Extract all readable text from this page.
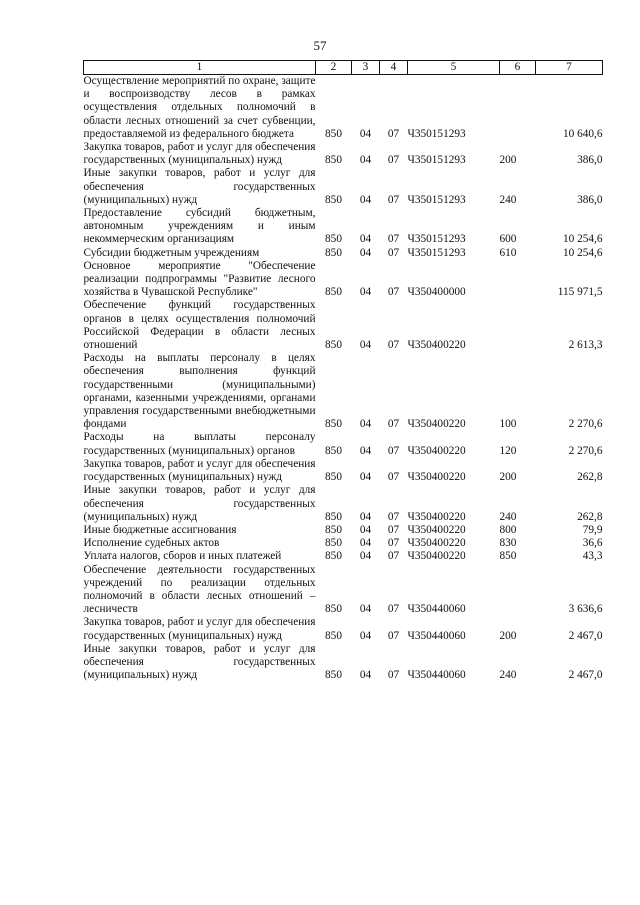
57
1	2	3	4	5	6	7
Осуществление мероприятий по охране, защите и воспроизводству лесов в рамках осуществления отдельных полномочий в области лесных отношений за счет субвенции, предоставляемой из федерального бюджета	850	04	07	Ч350151293		10 640,6
Закупка товаров, работ и услуг для обеспечения государственных (муниципальных) нужд	850	04	07	Ч350151293	200	386,0
Иные закупки товаров, работ и услуг для обеспечения государственных (муниципальных) нужд	850	04	07	Ч350151293	240	386,0
Предоставление субсидий бюджетным, автономным учреждениям и иным некоммерческим организациям	850	04	07	Ч350151293	600	10 254,6
Субсидии бюджетным учреждениям	850	04	07	Ч350151293	610	10 254,6
Основное мероприятие "Обеспечение реализации подпрограммы "Развитие лесного хозяйства в Чувашской Республике"	850	04	07	Ч350400000		115 971,5
Обеспечение функций государственных органов в целях осуществления полномочий Российской Федерации в области лесных отношений	850	04	07	Ч350400220		2 613,3
Расходы на выплаты персоналу в целях обеспечения выполнения функций государственными (муниципальными) органами, казенными учреждениями, органами управления государственными внебюджетными фондами	850	04	07	Ч350400220	100	2 270,6
Расходы на выплаты персоналу государственных (муниципальных) органов	850	04	07	Ч350400220	120	2 270,6
Закупка товаров, работ и услуг для обеспечения государственных (муниципальных) нужд	850	04	07	Ч350400220	200	262,8
Иные закупки товаров, работ и услуг для обеспечения государственных (муниципальных) нужд	850	04	07	Ч350400220	240	262,8
Иные бюджетные ассигнования	850	04	07	Ч350400220	800	79,9
Исполнение судебных актов	850	04	07	Ч350400220	830	36,6
Уплата налогов, сборов и иных платежей	850	04	07	Ч350400220	850	43,3
Обеспечение деятельности государственных учреждений по реализации отдельных полномочий в области лесных отношений – лесничеств	850	04	07	Ч350440060		3 636,6
Закупка товаров, работ и услуг для обеспечения государственных (муниципальных) нужд	850	04	07	Ч350440060	200	2 467,0
Иные закупки товаров, работ и услуг для обеспечения государственных (муниципальных) нужд	850	04	07	Ч350440060	240	2 467,0
